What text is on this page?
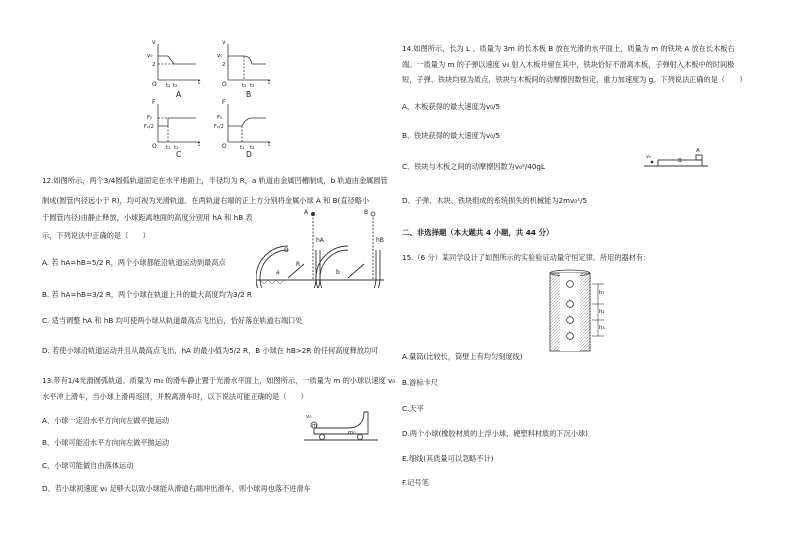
v
t
O
v₀
2
t₁ t₂
A
v
t
O
v₀
2
t₁ t₂
B
F
t
O
F₀
F₀/2
t₁ t₂
C
F
t
O
F₀
F₀/2
t₁ t₂
D
12.如图所示，两个3/4圆弧轨道固定在水平地面上，半径均为 R，a 轨道由金属凹槽制成，b 轨道由金属圆管
制成(圆管内径远小于 R)，均可视为光滑轨道。在两轨道右端的正上方分别将金属小球 A 和 B(直径略小
于圆管内径)由静止释放，小球距离地面的高度分别用 hA 和 hB 表
示，下列说法中正确的是（　　）
A	B
O
R
hA	hB
a	b
A. 若 hA=hB=5/2 R，两个小球都能沿轨道运动到最高点
B. 若 hA=hB=3/2 R，两个小球在轨道上升的最大高度均为3/2 R
C. 适当调整 hA 和 hB 均可使两小球从轨道最高点飞出后，恰好落在轨道右端口处
D. 若使小球沿轨道运动并且从最高点飞出，hA 的最小值为5/2 R，B 小球在 hB>2R 的任何高度释放均可
13.带有1/4光滑圆弧轨道、质量为 m₀ 的滑车静止置于光滑水平面上，如图所示，一质量为 m 的小球以速度 v₀
水平冲上滑车，当小球上滑再返回，并脱离滑车时，以下说法可能正确的是（　　）
v₀
m
m₀
A、小球一定沿水平方向向左做平抛运动
B、小球可能沿水平方向向左做平抛运动
C、小球可能做自由落体运动
D、若小球初速度 v₀ 足够大以致小球能从滑道右端冲出滑车，则小球再也落不进滑车
14.如图所示，长为 L 、质量为 3m 的长木板 B 放在光滑的水平面上，质量为 m 的铁块 A 放在长木板右
端。一质量为 m 的子弹以速度 v₀ 射入木板并留在其中，铁块恰好不滑离木板，子弹射入木板中的时间极
短，子弹、铁块均视为质点，铁块与木板间的动摩擦因数恒定，重力加速度为 g。下列说法正确的是（　　）
A、木板获得的最大速度为v₀/5
B、铁块获得的最大速度为v₀/5
C、铁块与木板之间的动摩擦因数为v₀²/40gL
D、子弹、木块、铁块组成的系统损失的机械能为2mv₀²/5
v₀
A
B
二、非选择题（本大题共 4 小题，共 44 分）
15.（6 分）某同学设计了如图所示的实验验证动量守恒定律。所用的器材有：
h₁
h₂
h₃
A.量筒(比较长，筒壁上有均匀刻度线)
B.游标卡尺
C.天平
D.两个小球(橡胶材质的上浮小球，硬塑料材质的下沉小球)
E.细线(其质量可以忽略不计)
F.记号笔
